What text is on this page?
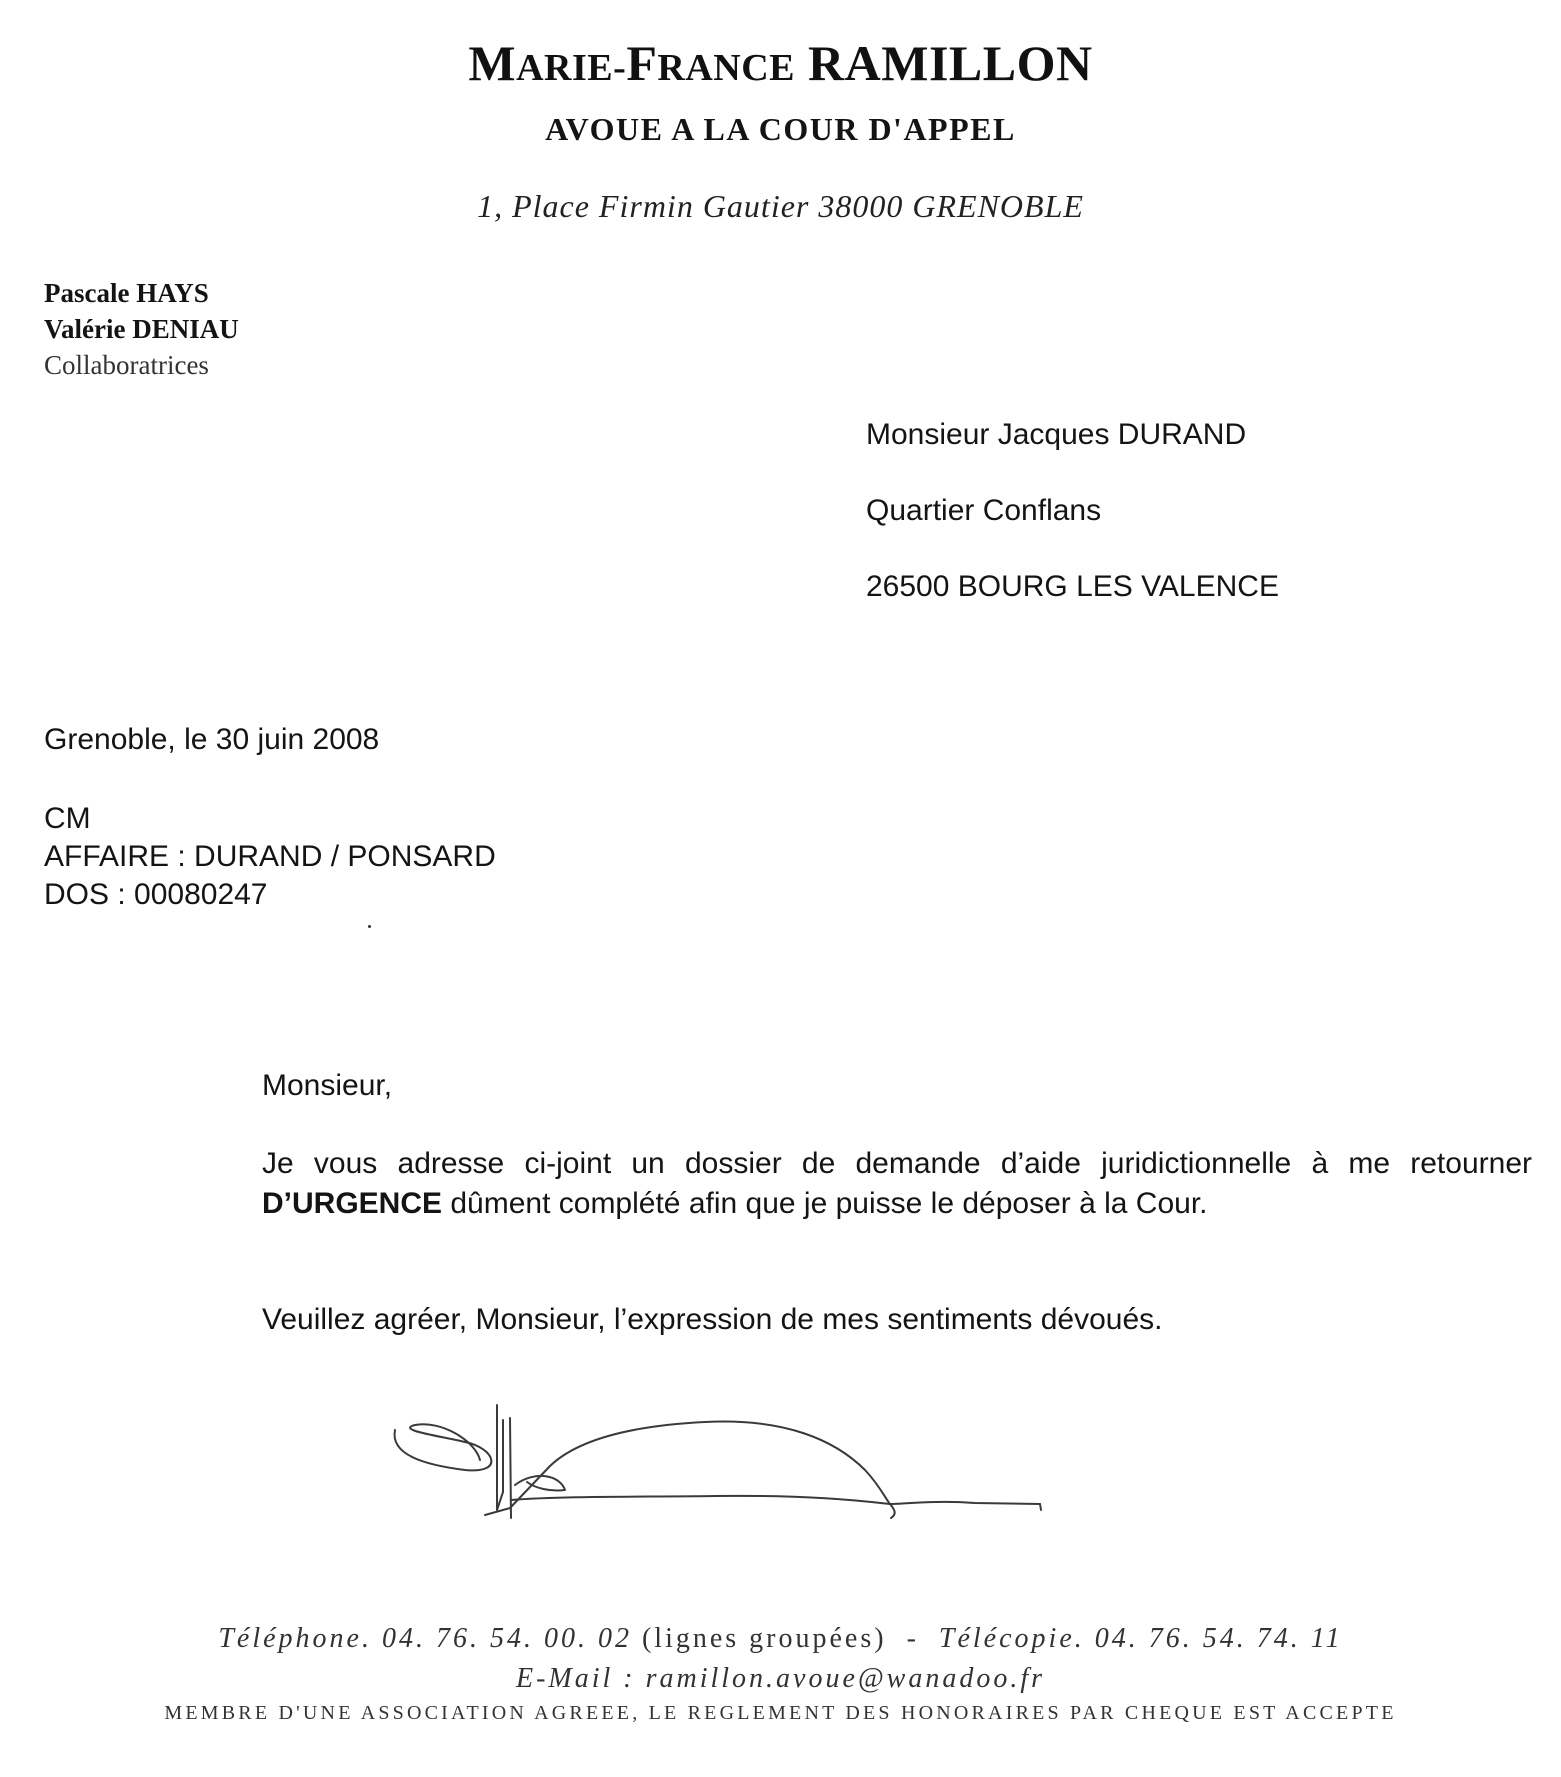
MARIE-FRANCE RAMILLON
AVOUE A LA COUR D'APPEL
1, Place Firmin Gautier 38000 GRENOBLE
Pascale HAYS
Valérie DENIAU
Collaboratrices
Monsieur Jacques DURAND
Quartier Conflans
26500 BOURG LES VALENCE
Grenoble, le 30 juin 2008
CM
AFFAIRE : DURAND / PONSARD
DOS : 00080247

Monsieur,

Je vous adresse ci-joint un dossier de demande d’aide juridictionnelle à me retourner D’URGENCE dûment complété afin que je puisse le déposer à la Cour.

Veuillez agréer, Monsieur, l’expression de mes sentiments dévoués.

Téléphone. 04. 76. 54. 00. 02 (lignes groupées) - Télécopie. 04. 76. 54. 74. 11
E-Mail : ramillon.avoue@wanadoo.fr
MEMBRE D'UNE ASSOCIATION AGREEE, LE REGLEMENT DES HONORAIRES PAR CHEQUE EST ACCEPTE
